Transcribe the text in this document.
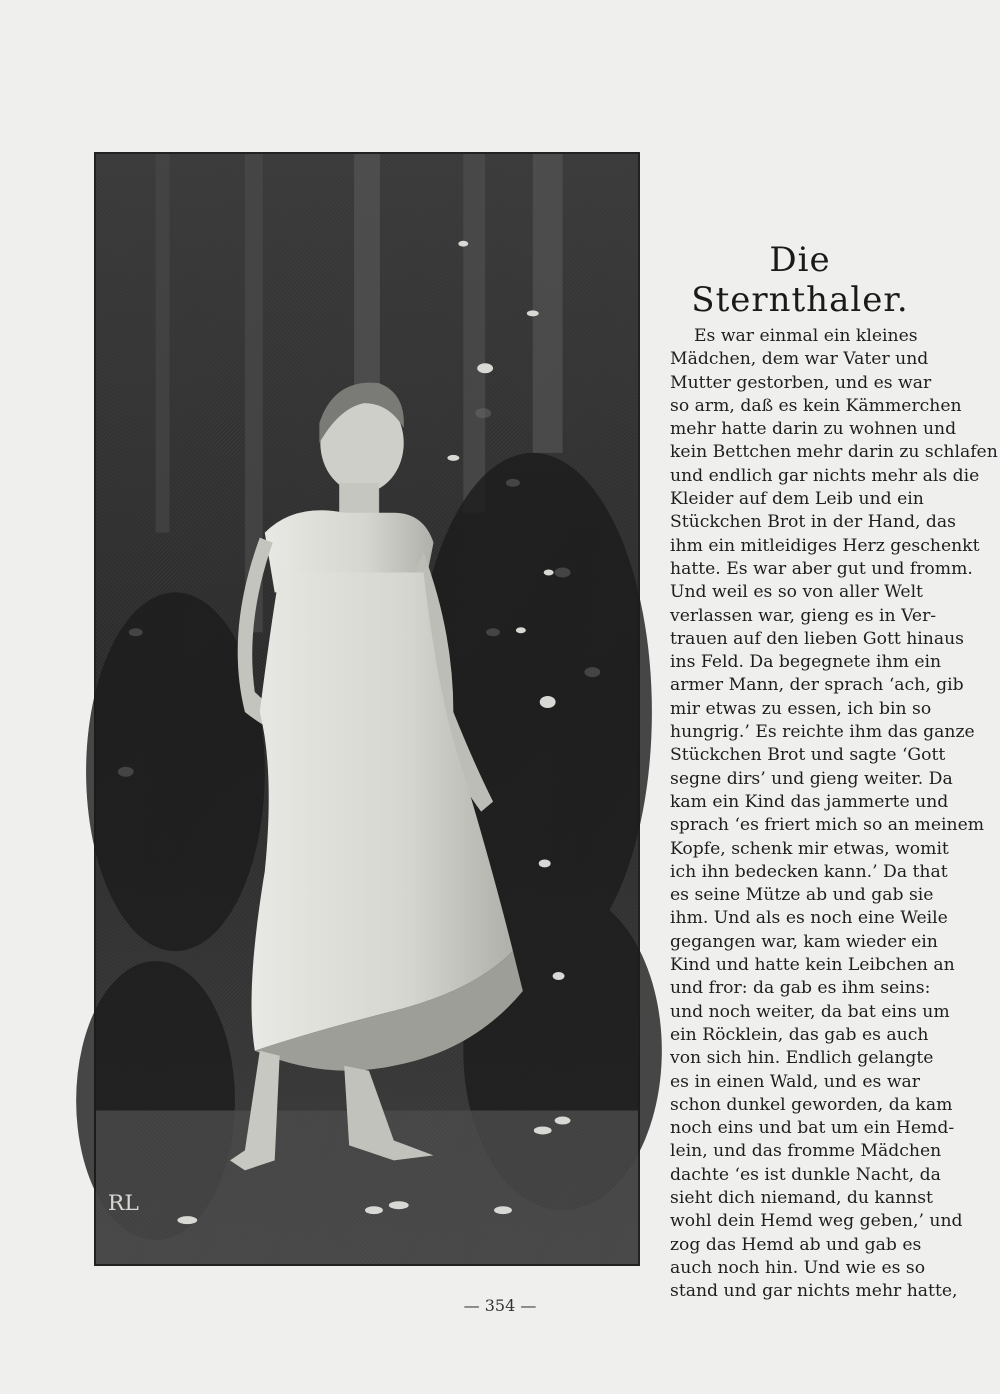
RL
Die Sternthaler.
Es war einmal ein kleines
Mädchen, dem war Vater und
Mutter gestorben, und es war
so arm, daß es kein Kämmerchen
mehr hatte darin zu wohnen und
kein Bettchen mehr darin zu schlafen
und endlich gar nichts mehr als die
Kleider auf dem Leib und ein
Stückchen Brot in der Hand, das
ihm ein mitleidiges Herz geschenkt
hatte. Es war aber gut und fromm.
Und weil es so von aller Welt
verlassen war, gieng es in Ver-
trauen auf den lieben Gott hinaus
ins Feld. Da begegnete ihm ein
armer Mann, der sprach ‘ach, gib
mir etwas zu essen, ich bin so
hungrig.’ Es reichte ihm das ganze
Stückchen Brot und sagte ‘Gott
segne dirs’ und gieng weiter. Da
kam ein Kind das jammerte und
sprach ‘es friert mich so an meinem
Kopfe, schenk mir etwas, womit
ich ihn bedecken kann.’ Da that
es seine Mütze ab und gab sie
ihm. Und als es noch eine Weile
gegangen war, kam wieder ein
Kind und hatte kein Leibchen an
und fror: da gab es ihm seins:
und noch weiter, da bat eins um
ein Röcklein, das gab es auch
von sich hin. Endlich gelangte
es in einen Wald, und es war
schon dunkel geworden, da kam
noch eins und bat um ein Hemd-
lein, und das fromme Mädchen
dachte ‘es ist dunkle Nacht, da
sieht dich niemand, du kannst
wohl dein Hemd weg geben,’ und
zog das Hemd ab und gab es
auch noch hin. Und wie es so
stand und gar nichts mehr hatte,
— 354 —
